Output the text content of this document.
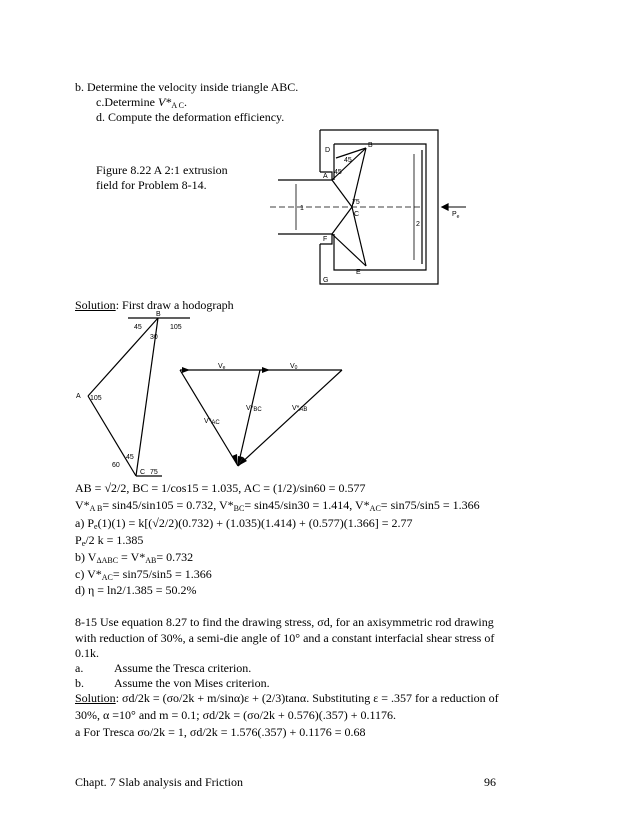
b. Determine the velocity inside triangle ABC.
c.Determine V*A C.
d. Compute the deformation efficiency.
Figure 8.22 A 2:1 extrusion
field for Problem 8-14.
D
B
45
45
A
75
C
1
2
$P_e$
F
G
E
Solution: First draw a hodograph
B
45	105
30
A 105
45
60
C 75
Ve	V0
V*BC	V*AB
V*AC
AB = √2/2, BC = 1/cos15 = 1.035, AC = (1/2)/sin60 = 0.577
V*A B= sin45/sin105 = 0.732, V*BC= sin45/sin30 = 1.414, V*AC= sin75/sin5 = 1.366
a) Pe(1)(1) = k[(√2/2)(0.732) + (1.035)(1.414) + (0.577)(1.366] = 2.77
Pe/2 k = 1.385
b) VΔABC = V*AB= 0.732
c) V*AC= sin75/sin5 = 1.366
d) η = ln2/1.385 = 50.2%
8-15 Use equation 8.27 to find the drawing stress, σd, for an axisymmetric rod drawing
with reduction of 30%, a semi-die angle of 10° and a constant interfacial shear stress of
0.1k.
a.	Assume the Tresca criterion.
b.	Assume the von Mises criterion.
Solution: σd/2k = (σo/2k + m/sinα)ε + (2/3)tanα. Substituting ε = .357 for a reduction of
30%, α =10° and m = 0.1; σd/2k = (σo/2k + 0.576)(.357) + 0.1176.
a For Tresca σo/2k = 1, σd/2k = 1.576(.357) + 0.1176 = 0.68
Chapt. 7 Slab analysis and Friction	96
